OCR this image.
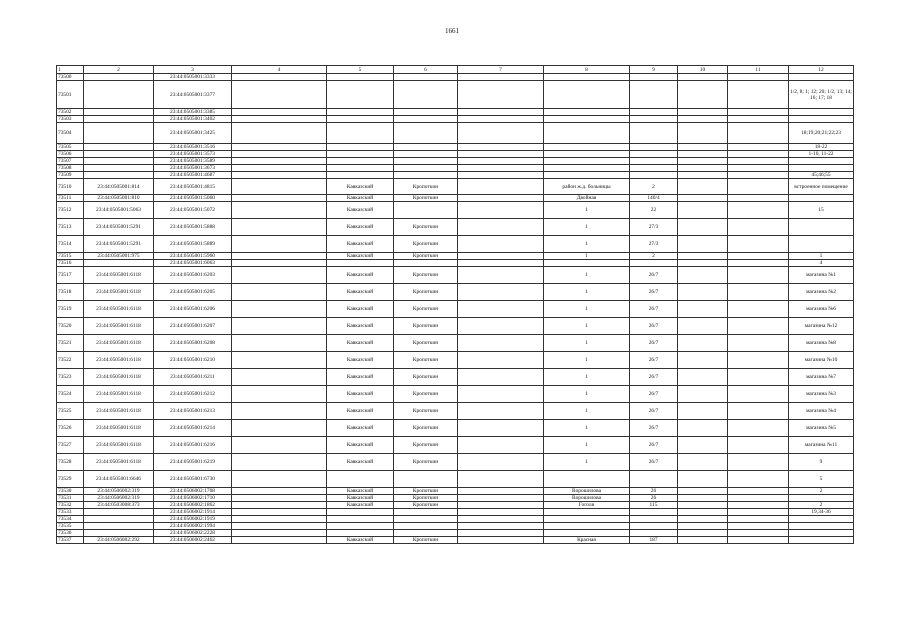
1661
1	2	3	4	5	6	7	8	9	10	11	12
73500		23:44:0505001:3333									
73501		23:44:0505001:3377									1/2, 8; 1; 12; 20; 1/2, 13; 14; 16; 17; 18
73502		23:44:0505001:3385									
73503		23:44:0505001:3402									
73504		23:44:0505001:3425									18;19;20;21;22;23
73505		23:44:0505001:3516									18-22
73506		23:44:0505001:3573									1-10, 11-22
73507		23:44:0505001:3589									
73508		23:44:0505001:3673									
73509		23:44:0505001:4687									45;46;55
73510	23:44:0505001:814	23:44:0505001:4815		Кавказский	Кропоткин		район ж.д. больницы	2			встроенное помещение
73511	23:44:0505001:810	23:44:0505001:5060		Кавказский	Кропоткин		Двойная	140/4			
73512	23:44:0505001:5063	23:44:0505001:5072		Кавказский			1	22			15
73513	23:44:0505001:5291	23:44:0505001:5888		Кавказский	Кропоткин		1	27/3			
73514	23:44:0505001:5291	23:44:0505001:5889		Кавказский	Кропоткин		1	27/3			
73515	23:44:0505001:975	23:44:0505001:5960		Кавказский	Кропоткин		1	2			1
73516		23:44:0505001:6063									4
73517	23:44:0505001:6118	23:44:0505001:6203		Кавказский	Кропоткин		1	26/7			магазина №1
73518	23:44:0505001:6118	23:44:0505001:6205		Кавказский	Кропоткин		1	26/7			магазина №2
73519	23:44:0505001:6118	23:44:0505001:6206		Кавказский	Кропоткин		1	26/7			магазина №6
73520	23:44:0505001:6118	23:44:0505001:6207		Кавказский	Кропоткин		1	26/7			магазина №12
73521	23:44:0505001:6118	23:44:0505001:6208		Кавказский	Кропоткин		1	26/7			магазина №8
73522	23:44:0505001:6118	23:44:0505001:6210		Кавказский	Кропоткин		1	26/7			магазина №10
73523	23:44:0505001:6118	23:44:0505001:6211		Кавказский	Кропоткин		1	26/7			магазина №7
73524	23:44:0505001:6118	23:44:0505001:6212		Кавказский	Кропоткин		1	26/7			магазина №3
73525	23:44:0505001:6118	23:44:0505001:6213		Кавказский	Кропоткин		1	26/7			магазина №4
73526	23:44:0505001:6118	23:44:0505001:6214		Кавказский	Кропоткин		1	26/7			магазина №5
73527	23:44:0505001:6118	23:44:0505001:6216		Кавказский	Кропоткин		1	26/7			магазина №11
73528	23:44:0505001:6118	23:44:0505001:6219		Кавказский	Кропоткин		1	26/7			9
73529	23:44:0505001:6646	23:44:0505001:6730									5
73530	23:44:0506002:319	23:44:0506002:1708		Кавказский	Кропоткин		Ворошилова	26			2
73531	23:44:0506002:319	23:44:0506002:1710		Кавказский	Кропоткин		Ворошилова	26			
73532	23:44:0503008:373	23:44:0506002:1862		Кавказский	Кропоткин		Гоголя	115			2
73533		23:44:0506002:1914									19,34-36
73534		23:44:0506002:1919									
73535		23:44:0506002:1994									
73536		23:44:0506002:2228									
73537	23:44:0506002:292	23:44:0506002:2462		Кавказский	Кропоткин		Красная	187			
